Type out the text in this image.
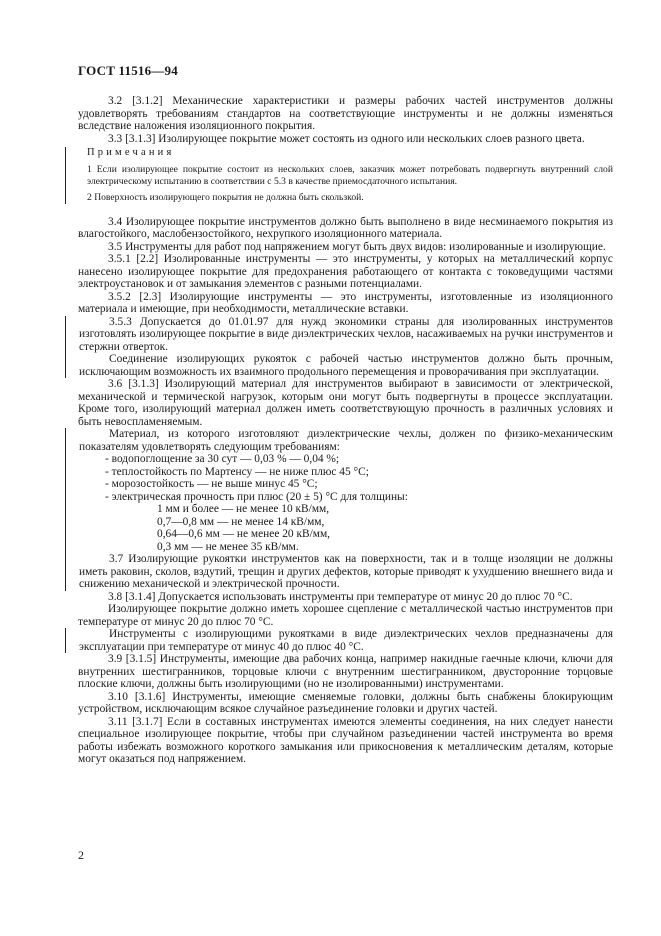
ГОСТ 11516—94

3.2 [3.1.2] Механические характеристики и размеры рабочих частей инструментов должны удовлетворять требованиям стандартов на соответствующие инструменты и не должны изменяться вследствие наложения изоляционного покрытия.

3.3 [3.1.3] Изолирующее покрытие может состоять из одного или нескольких слоев разного цвета.

Примечания
1 Если изолирующее покрытие состоит из нескольких слоев, заказчик может потребовать подвергнуть внутренний слой электрическому испытанию в соответствии с 5.3 в качестве приемосдаточного испытания.
2 Поверхность изолирующего покрытия не должна быть скользкой.

3.4 Изолирующее покрытие инструментов должно быть выполнено в виде несминаемого покрытия из влагостойкого, маслобензостойкого, нехрупкого изоляционного материала.

3.5 Инструменты для работ под напряжением могут быть двух видов: изолированные и изолирующие.

3.5.1 [2.2] Изолированные инструменты — это инструменты, у которых на металлический корпус нанесено изолирующее покрытие для предохранения работающего от контакта с токоведущими частями электроустановок и от замыкания элементов с разными потенциалами.

3.5.2 [2.3] Изолирующие инструменты — это инструменты, изготовленные из изоляционного материала и имеющие, при необходимости, металлические вставки.

3.5.3 Допускается до 01.01.97 для нужд экономики страны для изолированных инструментов изготовлять изолирующее покрытие в виде диэлектрических чехлов, насаживаемых на ручки инструментов и стержни отверток.

Соединение изолирующих рукояток с рабочей частью инструментов должно быть прочным, исключающим возможность их взаимного продольного перемещения и проворачивания при эксплуатации.

3.6 [3.1.3] Изолирующий материал для инструментов выбирают в зависимости от электрической, механической и термической нагрузок, которым они могут быть подвергнуты в процессе эксплуатации. Кроме того, изолирующий материал должен иметь соответствующую прочность в различных условиях и быть невоспламеняемым.

Материал, из которого изготовляют диэлектрические чехлы, должен по физико-механическим показателям удовлетворять следующим требованиям:

- водопоглощение за 30 сут — 0,03 % — 0,04 %;

- теплостойкость по Мартенсу — не ниже плюс 45 °С;

- морозостойкость — не выше минус 45 °С;

- электрическая прочность при плюс (20 ± 5) °С для толщины:

1 мм и более — не менее 10 кВ/мм,

0,7—0,8 мм — не менее 14 кВ/мм,

0,64—0,6 мм — не менее 20 кВ/мм,

0,3 мм — не менее 35 кВ/мм.

3.7 Изолирующие рукоятки инструментов как на поверхности, так и в толще изоляции не должны иметь раковин, сколов, вздутий, трещин и других дефектов, которые приводят к ухудшению внешнего вида и снижению механической и электрической прочности.

3.8 [3.1.4] Допускается использовать инструменты при температуре от минус 20 до плюс 70 °С.

Изолирующее покрытие должно иметь хорошее сцепление с металлической частью инструментов при температуре от минус 20 до плюс 70 °С.

Инструменты с изолирующими рукоятками в виде диэлектрических чехлов предназначены для эксплуатации при температуре от минус 40 до плюс 40 °С.

3.9 [3.1.5] Инструменты, имеющие два рабочих конца, например накидные гаечные ключи, ключи для внутренних шестигранников, торцовые ключи с внутренним шестигранником, двусторонние торцовые плоские ключи, должны быть изолирующими (но не изолированными) инструментами.

3.10 [3.1.6] Инструменты, имеющие сменяемые головки, должны быть снабжены блокирующим устройством, исключающим всякое случайное разъединение головки и других частей.

3.11 [3.1.7] Если в составных инструментах имеются элементы соединения, на них следует нанести специальное изолирующее покрытие, чтобы при случайном разъединении частей инструмента во время работы избежать возможного короткого замыкания или прикосновения к металлическим деталям, которые могут оказаться под напряжением.

2
